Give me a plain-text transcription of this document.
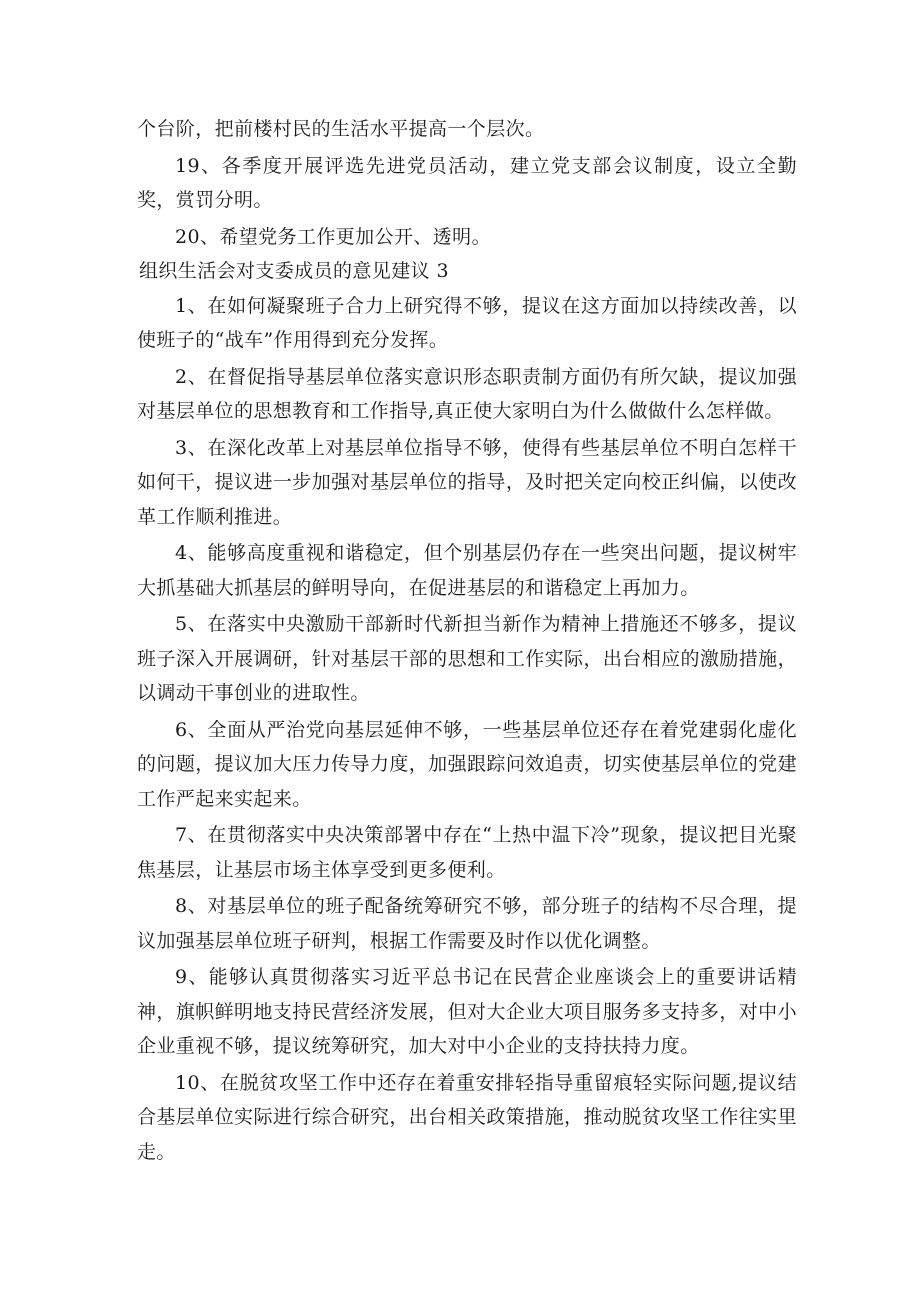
个台阶，把前楼村民的生活水平提高一个层次。

19、各季度开展评选先进党员活动，建立党支部会议制度，设立全勤奖，赏罚分明。

20、希望党务工作更加公开、透明。

组织生活会对支委成员的意见建议 3

1、在如何凝聚班子合力上研究得不够，提议在这方面加以持续改善，以使班子的“战车”作用得到充分发挥。

2、在督促指导基层单位落实意识形态职责制方面仍有所欠缺，提议加强对基层单位的思想教育和工作指导,真正使大家明白为什么做做什么怎样做。

3、在深化改革上对基层单位指导不够，使得有些基层单位不明白怎样干如何干，提议进一步加强对基层单位的指导，及时把关定向校正纠偏，以使改革工作顺利推进。

4、能够高度重视和谐稳定，但个别基层仍存在一些突出问题，提议树牢大抓基础大抓基层的鲜明导向，在促进基层的和谐稳定上再加力。

5、在落实中央激励干部新时代新担当新作为精神上措施还不够多，提议班子深入开展调研，针对基层干部的思想和工作实际，出台相应的激励措施，以调动干事创业的进取性。

6、全面从严治党向基层延伸不够，一些基层单位还存在着党建弱化虚化的问题，提议加大压力传导力度，加强跟踪问效追责，切实使基层单位的党建工作严起来实起来。

7、在贯彻落实中央决策部署中存在“上热中温下冷”现象，提议把目光聚焦基层，让基层市场主体享受到更多便利。

8、对基层单位的班子配备统筹研究不够，部分班子的结构不尽合理，提议加强基层单位班子研判，根据工作需要及时作以优化调整。

9、能够认真贯彻落实习近平总书记在民营企业座谈会上的重要讲话精神，旗帜鲜明地支持民营经济发展，但对大企业大项目服务多支持多，对中小企业重视不够，提议统筹研究，加大对中小企业的支持扶持力度。

10、在脱贫攻坚工作中还存在着重安排轻指导重留痕轻实际问题,提议结合基层单位实际进行综合研究，出台相关政策措施，推动脱贫攻坚工作往实里走。
